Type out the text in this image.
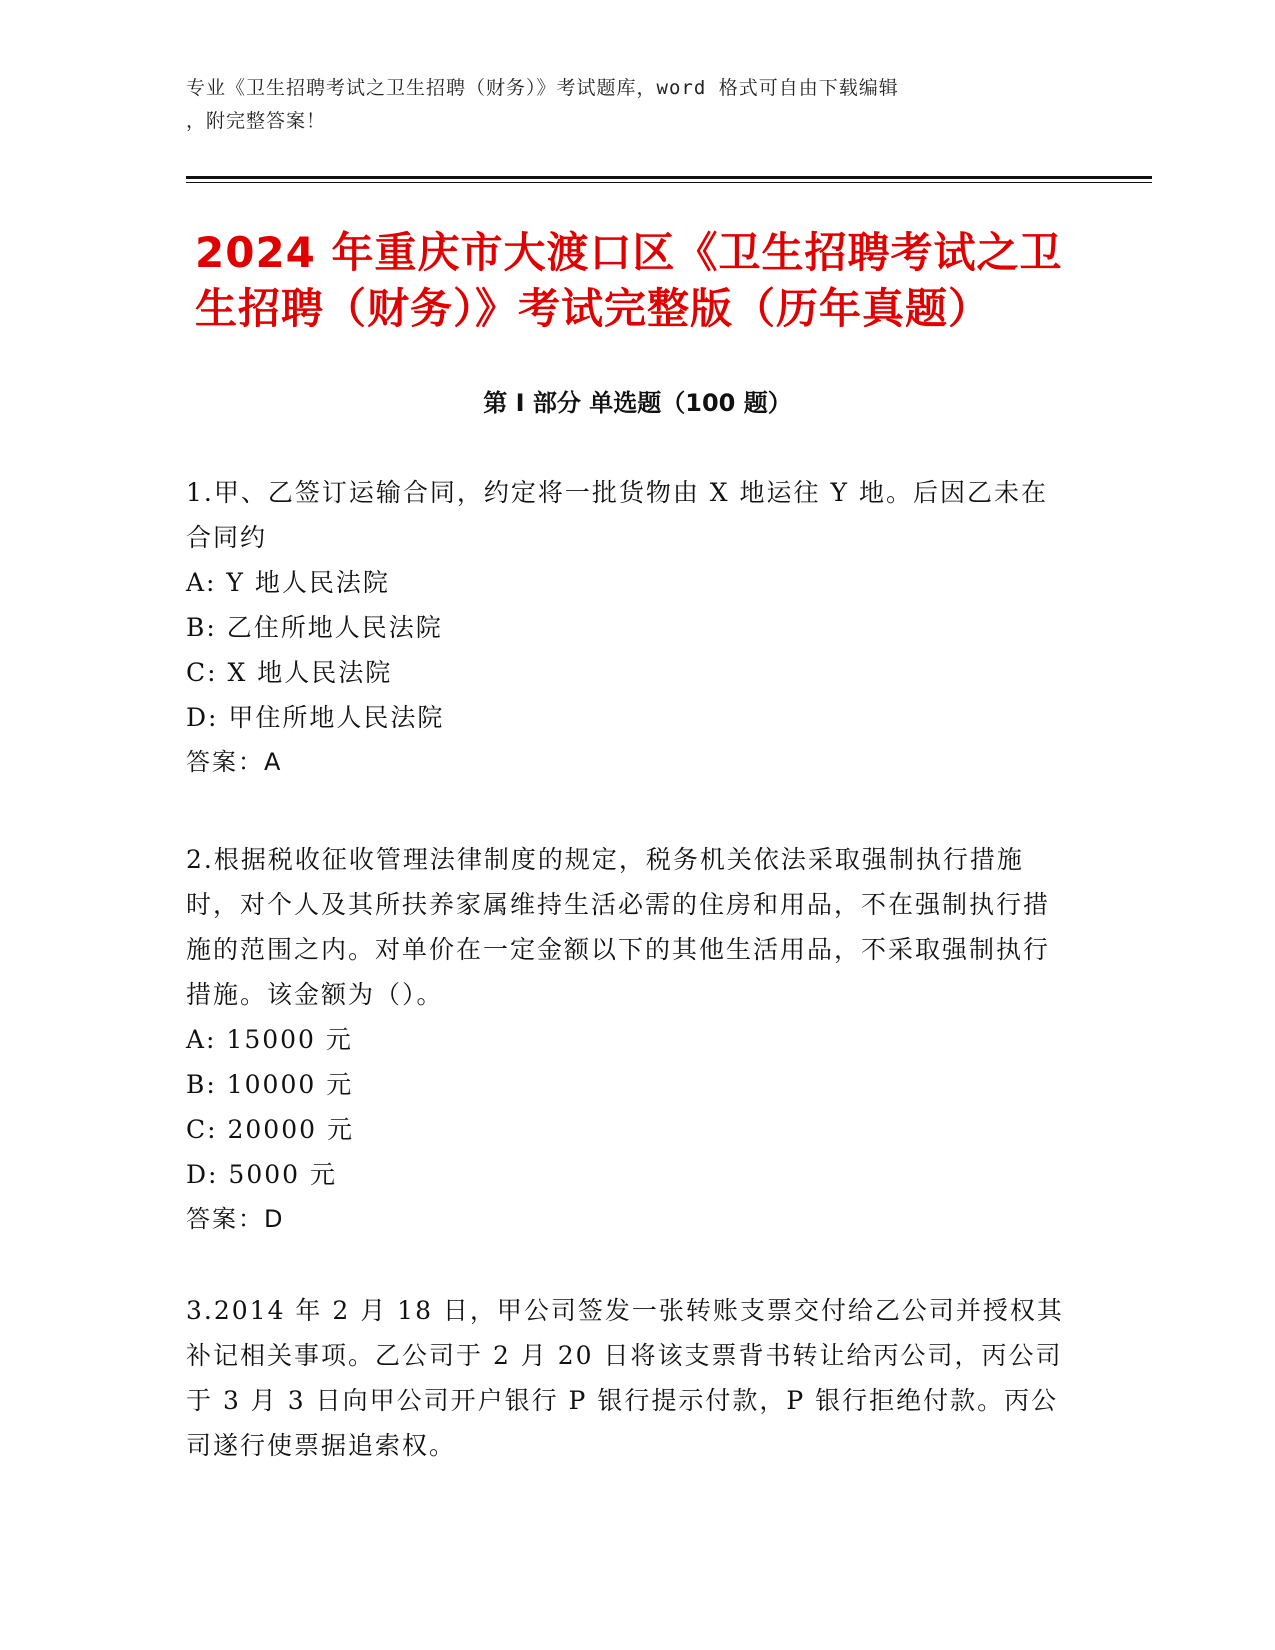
专业《卫生招聘考试之卫生招聘（财务）》考试题库，word 格式可自由下载编辑
，附完整答案！
2024 年重庆市大渡口区《卫生招聘考试之卫
生招聘（财务）》考试完整版（历年真题）
第 I 部分 单选题（100 题）

1.甲、乙签订运输合同，约定将一批货物由 X 地运往 Y 地。后因乙未在合同约

A: Y 地人民法院

B: 乙住所地人民法院

C: X 地人民法院

D: 甲住所地人民法院

答案：A

2.根据税收征收管理法律制度的规定，税务机关依法采取强制执行措施时，对个人及其所扶养家属维持生活必需的住房和用品，不在强制执行措施的范围之内。对单价在一定金额以下的其他生活用品，不采取强制执行措施。该金额为（）。

A: 15000 元

B: 10000 元

C: 20000 元

D: 5000 元

答案：D

3.2014 年 2 月 18 日，甲公司签发一张转账支票交付给乙公司并授权其补记相关事项。乙公司于 2 月 20 日将该支票背书转让给丙公司，丙公司于 3 月 3 日向甲公司开户银行 P 银行提示付款，P 银行拒绝付款。丙公司遂行使票据追索权。
